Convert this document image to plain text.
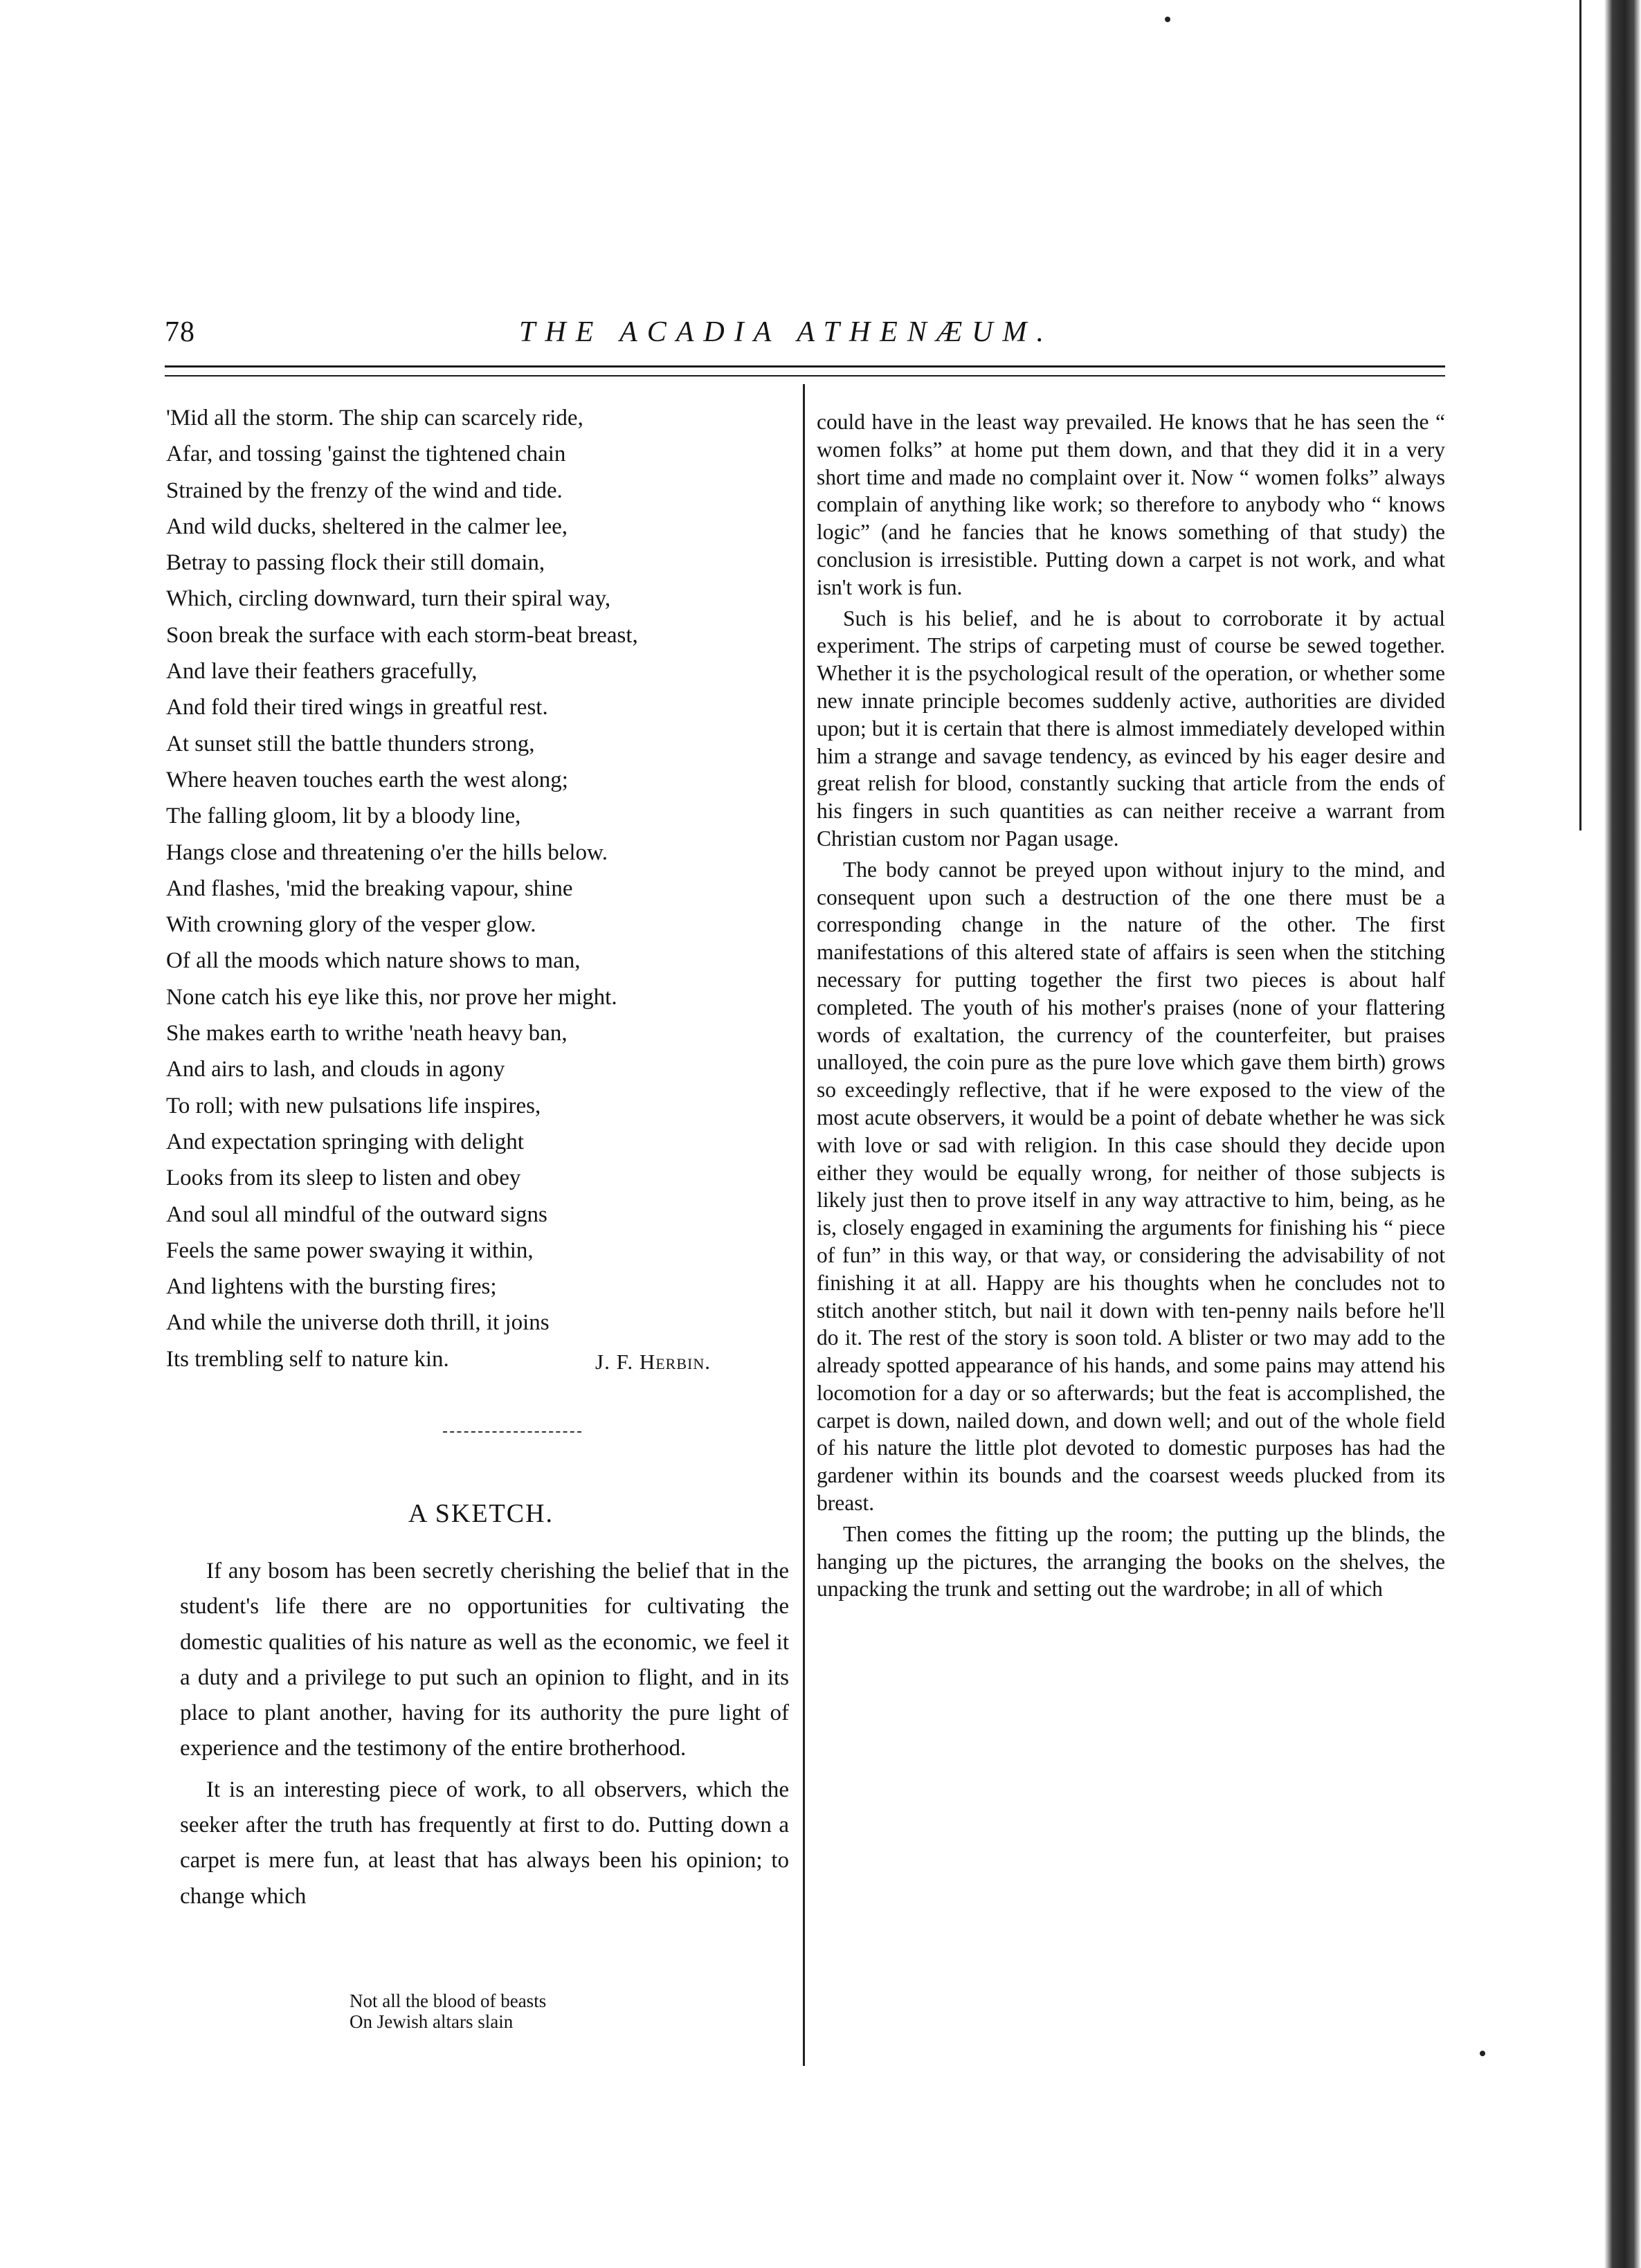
78	THE ACADIA ATHENÆUM.
'Mid all the storm. The ship can scarcely ride,
Afar, and tossing 'gainst the tightened chain
Strained by the frenzy of the wind and tide.
And wild ducks, sheltered in the calmer lee,
Betray to passing flock their still domain,
Which, circling downward, turn their spiral way,
Soon break the surface with each storm-beat breast,
And lave their feathers gracefully,
And fold their tired wings in greatful rest.
At sunset still the battle thunders strong,
Where heaven touches earth the west along;
The falling gloom, lit by a bloody line,
Hangs close and threatening o'er the hills below.
And flashes, 'mid the breaking vapour, shine
With crowning glory of the vesper glow.
Of all the moods which nature shows to man,
None catch his eye like this, nor prove her might.
She makes earth to writhe 'neath heavy ban,
And airs to lash, and clouds in agony
To roll; with new pulsations life inspires,
And expectation springing with delight
Looks from its sleep to listen and obey
And soul all mindful of the outward signs
Feels the same power swaying it within,
And lightens with the bursting fires;
And while the universe doth thrill, it joins
Its trembling self to nature kin.	J. F. Herbin.
A SKETCH.

If any bosom has been secretly cherishing the belief that in the student's life there are no opportunities for cultivating the domestic qualities of his nature as well as the economic, we feel it a duty and a privilege to put such an opinion to flight, and in its place to plant another, having for its authority the pure light of experience and the testimony of the entire brotherhood.

It is an interesting piece of work, to all observers, which the seeker after the truth has frequently at first to do. Putting down a carpet is mere fun, at least that has always been his opinion; to change which

Not all the blood of beasts
On Jewish altars slain

could have in the least way prevailed. He knows that he has seen the “ women folks” at home put them down, and that they did it in a very short time and made no complaint over it. Now “ women folks” always complain of anything like work; so therefore to anybody who “ knows logic” (and he fancies that he knows something of that study) the conclusion is irresistible. Putting down a carpet is not work, and what isn't work is fun.

Such is his belief, and he is about to corroborate it by actual experiment. The strips of carpeting must of course be sewed together. Whether it is the psychological result of the operation, or whether some new innate principle becomes suddenly active, authorities are divided upon; but it is certain that there is almost immediately developed within him a strange and savage tendency, as evinced by his eager desire and great relish for blood, constantly sucking that article from the ends of his fingers in such quantities as can neither receive a warrant from Christian custom nor Pagan usage.

The body cannot be preyed upon without injury to the mind, and consequent upon such a destruction of the one there must be a corresponding change in the nature of the other. The first manifestations of this altered state of affairs is seen when the stitching necessary for putting together the first two pieces is about half completed. The youth of his mother's praises (none of your flattering words of exaltation, the currency of the counterfeiter, but praises unalloyed, the coin pure as the pure love which gave them birth) grows so exceedingly reflective, that if he were exposed to the view of the most acute observers, it would be a point of debate whether he was sick with love or sad with religion. In this case should they decide upon either they would be equally wrong, for neither of those subjects is likely just then to prove itself in any way attractive to him, being, as he is, closely engaged in examining the arguments for finishing his “ piece of fun” in this way, or that way, or considering the advisability of not finishing it at all. Happy are his thoughts when he concludes not to stitch another stitch, but nail it down with ten-penny nails before he'll do it. The rest of the story is soon told. A blister or two may add to the already spotted appearance of his hands, and some pains may attend his locomotion for a day or so afterwards; but the feat is accomplished, the carpet is down, nailed down, and down well; and out of the whole field of his nature the little plot devoted to domestic purposes has had the gardener within its bounds and the coarsest weeds plucked from its breast.

Then comes the fitting up the room; the putting up the blinds, the hanging up the pictures, the arranging the books on the shelves, the unpacking the trunk and setting out the wardrobe; in all of which
